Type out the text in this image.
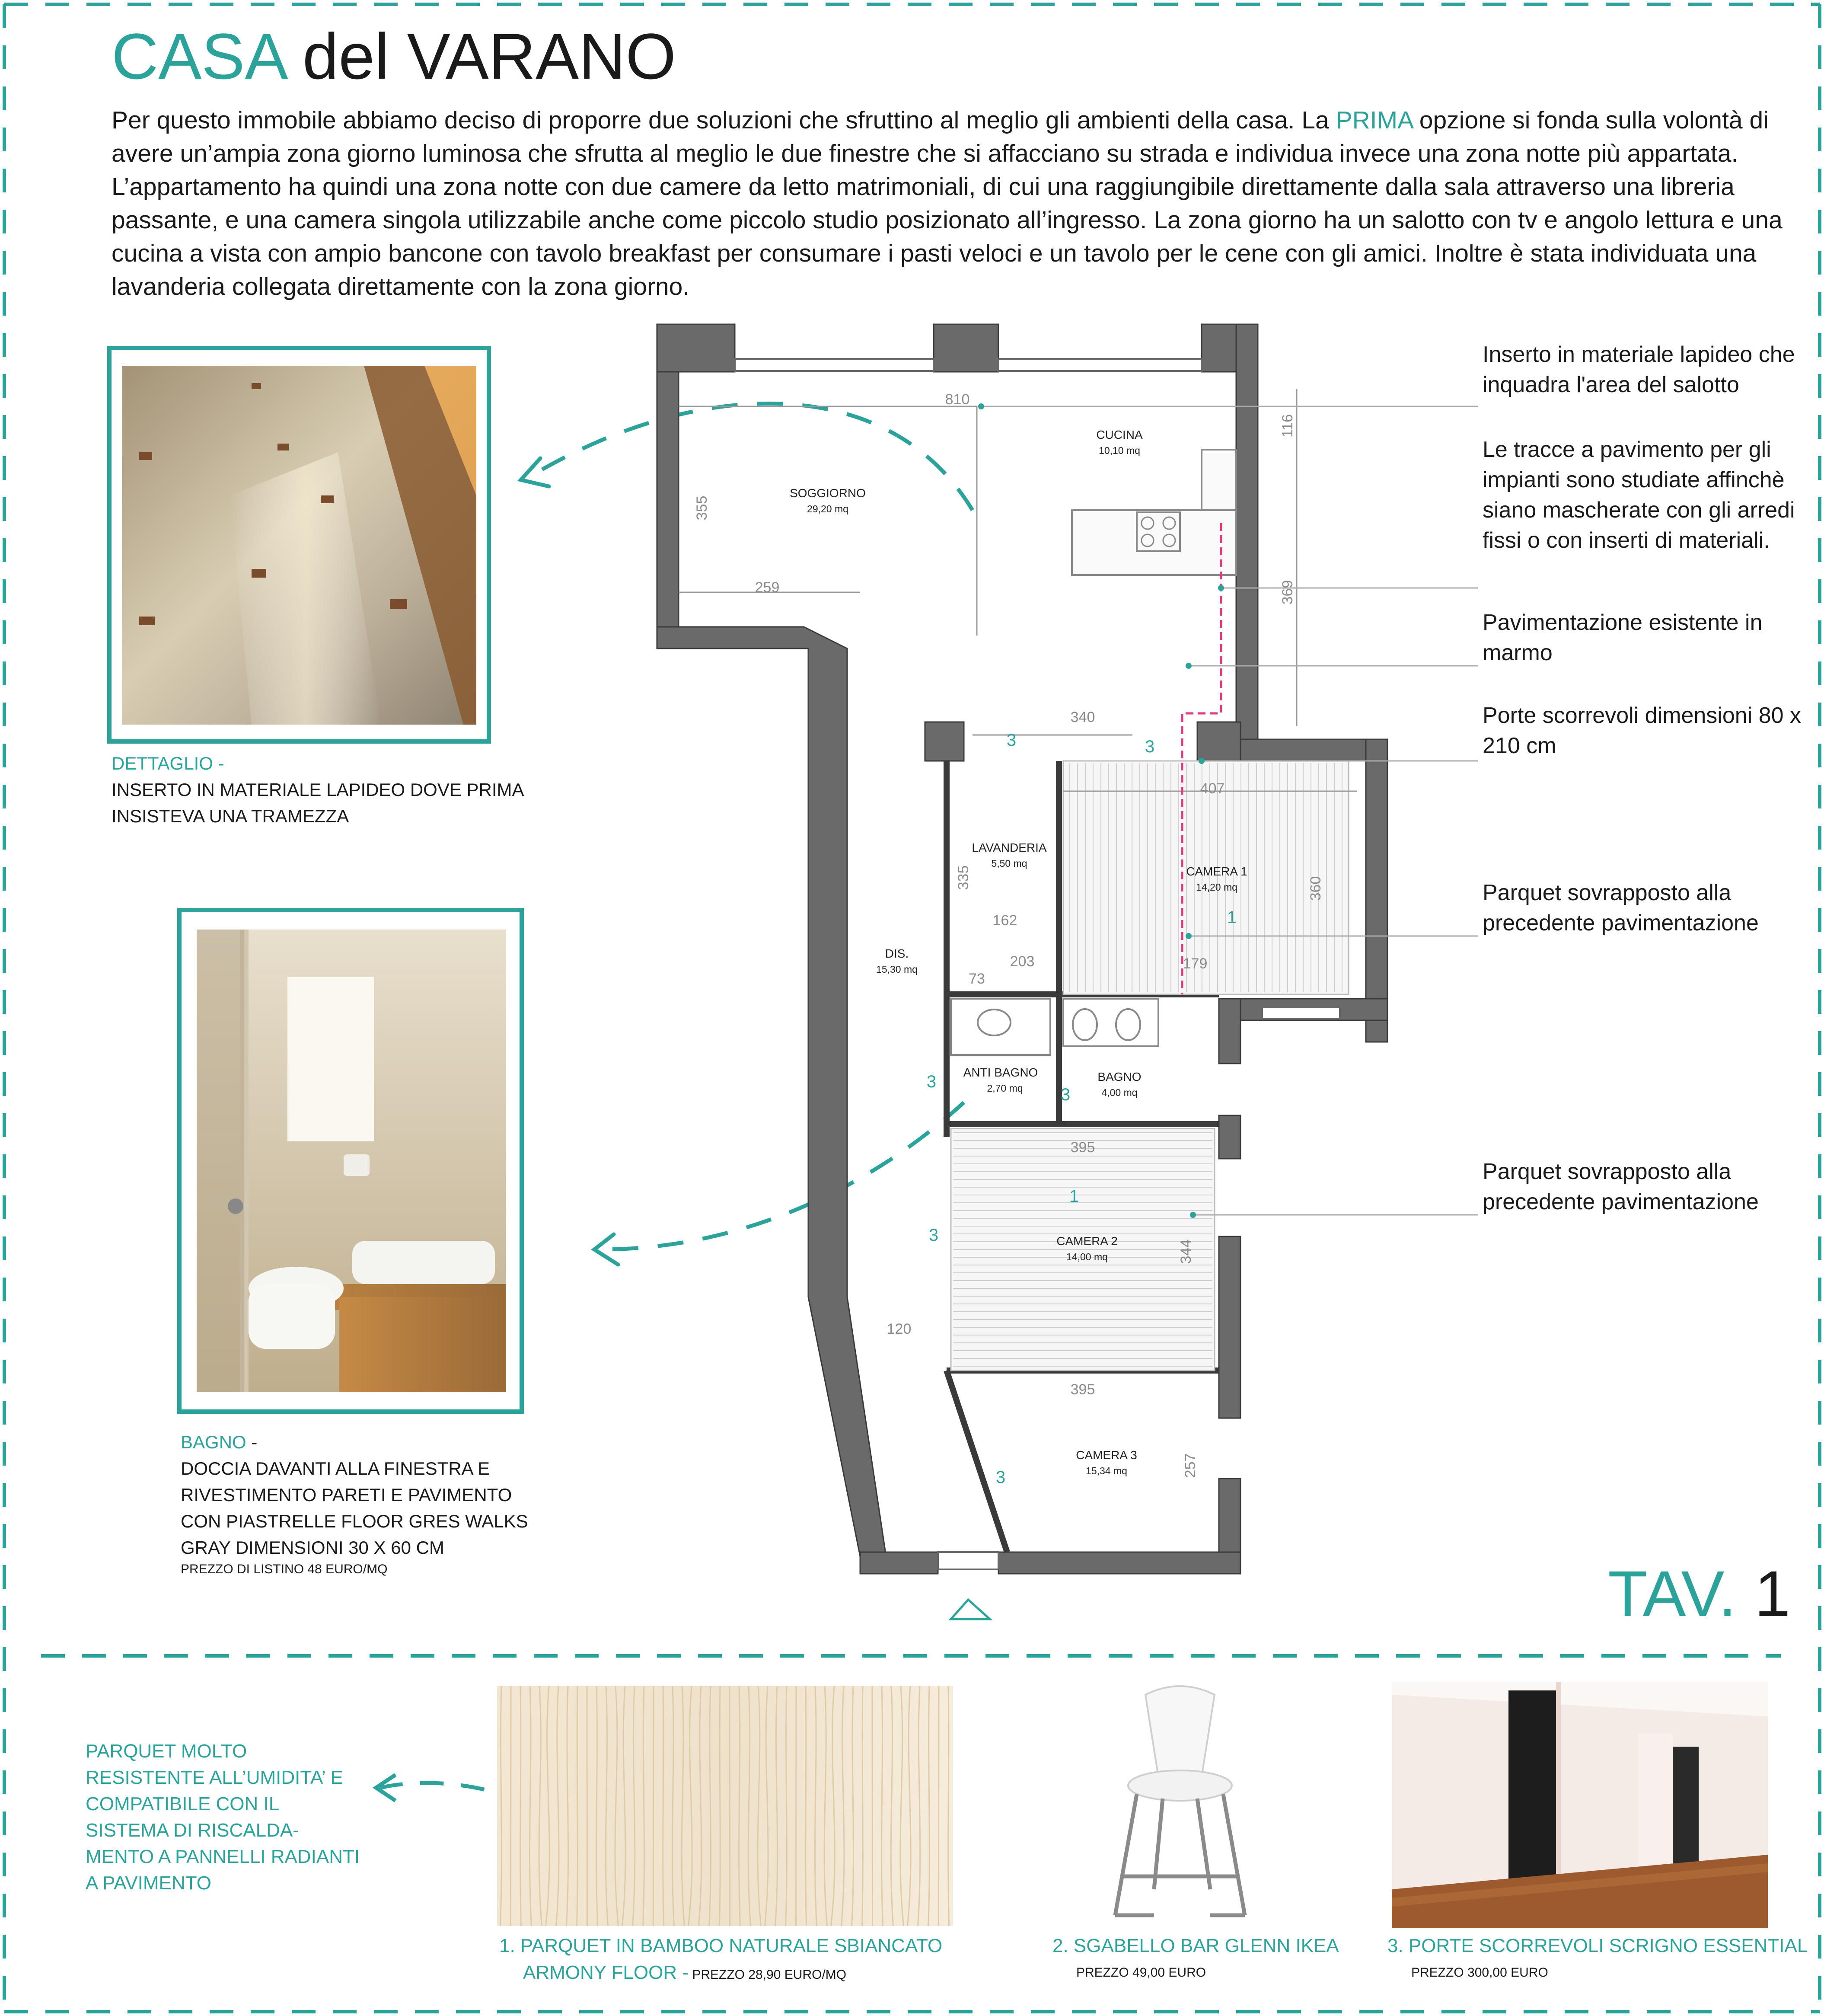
CASA del VARANO
Per questo immobile abbiamo deciso di proporre due soluzioni che sfruttino al meglio gli ambienti della casa. La PRIMA opzione si fonda sulla volontà di avere un’ampia zona giorno luminosa che sfrutta al meglio le due finestre che si affacciano su strada e individua invece una zona notte più appartata. L’appartamento ha quindi una zona notte con due camere da letto matrimoniali, di cui una raggiungibile direttamente dalla sala attraverso una libreria passante, e una camera singola utilizzabile anche come piccolo studio posizionato all’ingresso. La zona giorno ha un salotto con tv e angolo lettura e una cucina a vista con ampio bancone con tavolo breakfast per consumare i pasti veloci e un tavolo per le cene con gli amici. Inoltre è stata individuata una lavanderia collegata direttamente con la zona giorno.
DETTAGLIO -
INSERTO IN MATERIALE LAPIDEO DOVE PRIMA
INSISTEVA UNA TRAMEZZA
BAGNO -
DOCCIA DAVANTI ALLA FINESTRA E
RIVESTIMENTO PARETI E PAVIMENTO
CON PIASTRELLE FLOOR GRES WALKS
GRAY DIMENSIONI 30 X 60 CM
PREZZO DI LISTINO 48 EURO/MQ
SOGGIORNO
29,20 mq
CUCINA
10,10 mq
LAVANDERIA
5,50 mq
CAMERA 1
14,20 mq
DIS.
15,30 mq
ANTI BAGNO
2,70 mq
BAGNO
4,00 mq
CAMERA 2
14,00 mq
CAMERA 3
15,34 mq
810
355
259
116
369
340
407
335
162
203
73
360
179
395
344
120
395
257
3	3
1
3
3
1
3
3
Inserto in materiale lapideo che inquadra l'area del salotto
Le tracce a pavimento per gli impianti sono studiate affinchè siano mascherate con gli arredi fissi o con inserti di materiali.
Pavimentazione esistente in marmo
Porte scorrevoli dimensioni 80 x 210 cm
Parquet sovrapposto alla precedente pavimentazione
Parquet sovrapposto alla precedente pavimentazione
TAV. 1
PARQUET MOLTO RESISTENTE ALL’UMIDITA’ E COMPATIBILE CON IL SISTEMA DI RISCALDA- MENTO A PANNELLI RADIANTI A PAVIMENTO
1. PARQUET IN BAMBOO NATURALE SBIANCATO
ARMONY FLOOR - PREZZO 28,90 EURO/MQ
2. SGABELLO BAR GLENN IKEA
PREZZO 49,00 EURO
3. PORTE SCORREVOLI SCRIGNO ESSENTIAL
PREZZO 300,00 EURO
